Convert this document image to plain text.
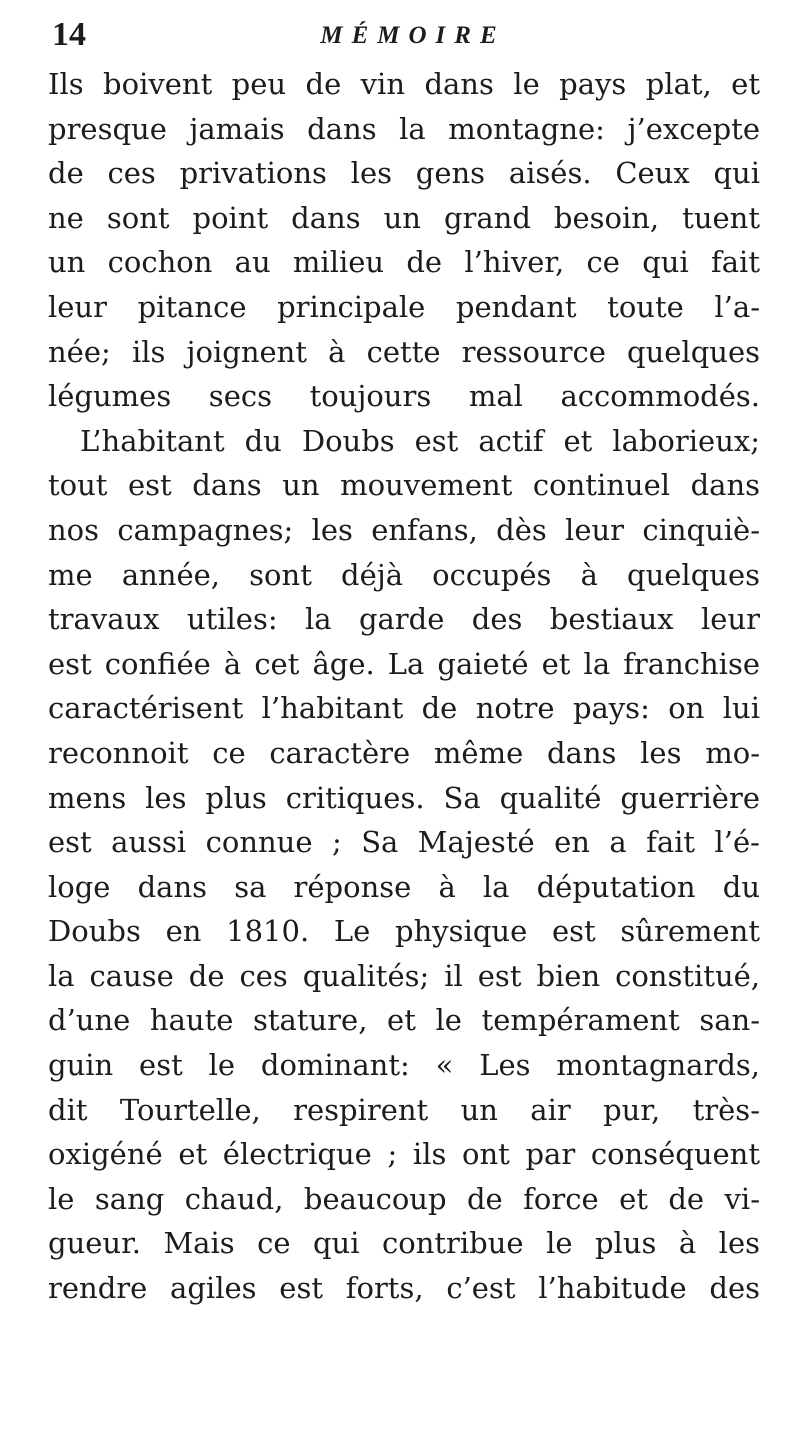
14	MÉMOIRE
Ils boivent peu de vin dans le pays plat, et
presque jamais dans la montagne: j’excepte
de ces privations les gens aisés. Ceux qui
ne sont point dans un grand besoin, tuent
un cochon au milieu de l’hiver, ce qui fait
leur pitance principale pendant toute l’a-
née; ils joignent à cette ressource quelques
légumes secs toujours mal accommodés.
L’habitant du Doubs est actif et laborieux;
tout est dans un mouvement continuel dans
nos campagnes; les enfans, dès leur cinquiè-
me année, sont déjà occupés à quelques
travaux utiles: la garde des bestiaux leur
est confiée à cet âge. La gaieté et la franchise
caractérisent l’habitant de notre pays: on lui
reconnoit ce caractère même dans les mo-
mens les plus critiques. Sa qualité guerrière
est aussi connue ; Sa Majesté en a fait l’é-
loge dans sa réponse à la députation du
Doubs en 1810. Le physique est sûrement
la cause de ces qualités; il est bien constitué,
d’une haute stature, et le tempérament san-
guin est le dominant: « Les montagnards,
dit Tourtelle, respirent un air pur, très-
oxigéné et électrique ; ils ont par conséquent
le sang chaud, beaucoup de force et de vi-
gueur. Mais ce qui contribue le plus à les
rendre agiles est forts, c’est l’habitude des
